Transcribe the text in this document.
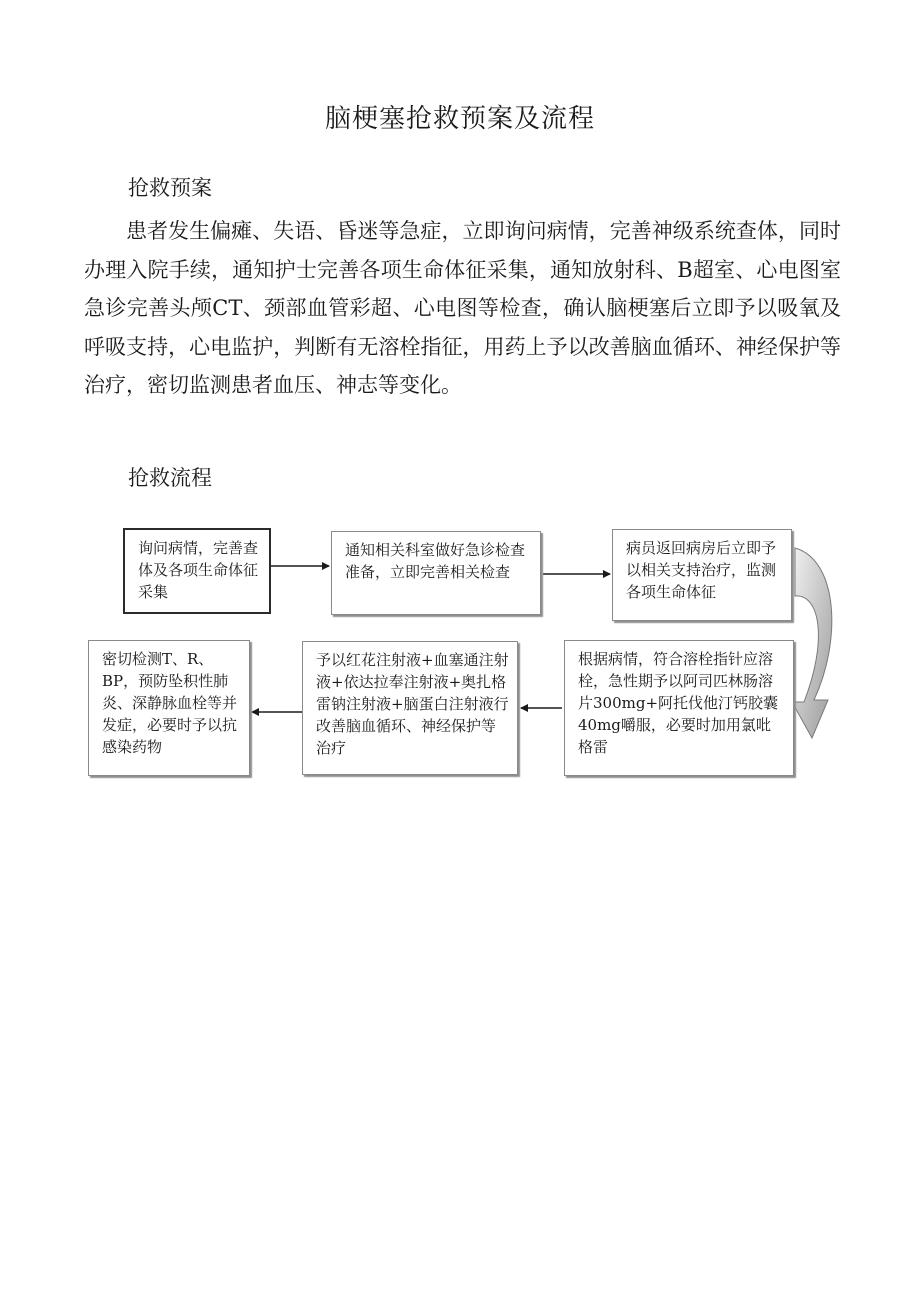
脑梗塞抢救预案及流程
抢救预案
患者发生偏瘫、失语、昏迷等急症，立即询问病情，完善神级系统查体，同时办理入院手续，通知护士完善各项生命体征采集，通知放射科、B超室、心电图室急诊完善头颅CT、颈部血管彩超、心电图等检查，确认脑梗塞后立即予以吸氧及呼吸支持，心电监护，判断有无溶栓指征，用药上予以改善脑血循环、神经保护等治疗，密切监测患者血压、神志等变化。
抢救流程
询问病情，完善查体及各项生命体征采集
通知相关科室做好急诊检查准备，立即完善相关检查
病员返回病房后立即予以相关支持治疗，监测各项生命体征
根据病情，符合溶栓指针应溶栓，急性期予以阿司匹林肠溶片300mg+阿托伐他汀钙胶囊40mg嚼服，必要时加用氯吡格雷
予以红花注射液+血塞通注射液+依达拉奉注射液+奥扎格雷钠注射液+脑蛋白注射液行改善脑血循环、神经保护等治疗
密切检测T、R、BP，预防坠积性肺炎、深静脉血栓等并发症，必要时予以抗感染药物
